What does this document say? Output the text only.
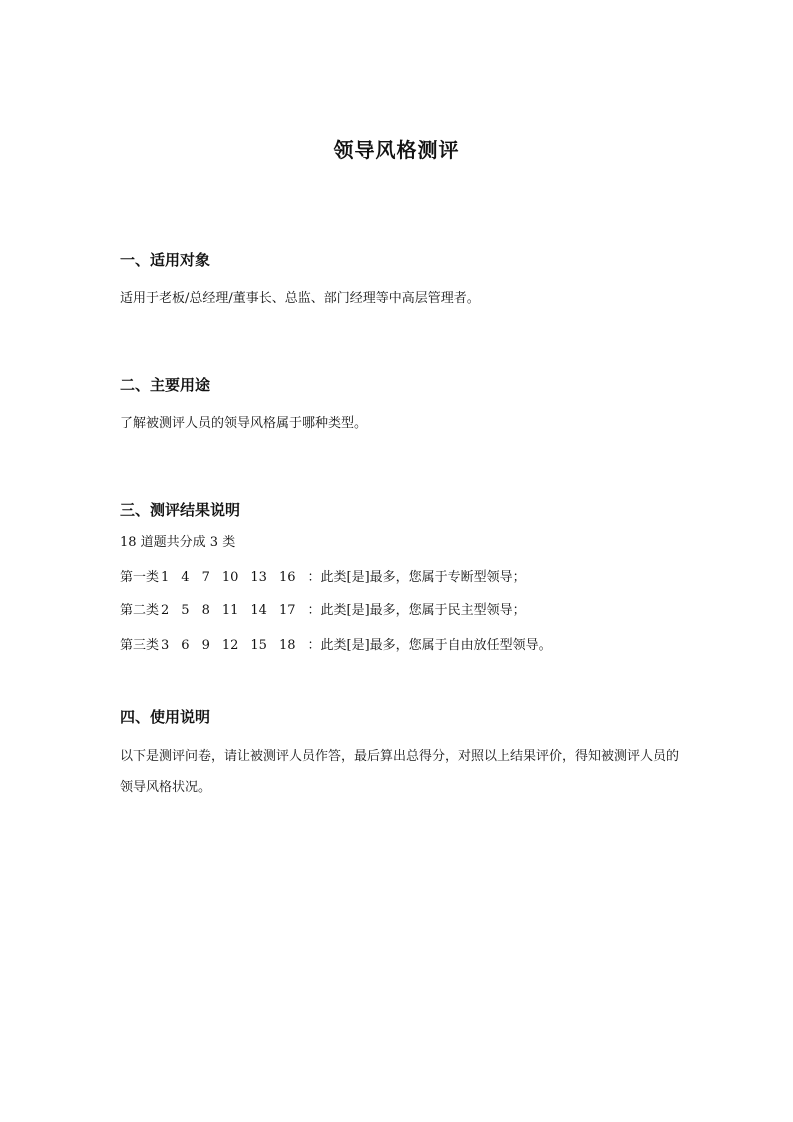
领导风格测评
一、适用对象
适用于老板/总经理/董事长、总监、部门经理等中高层管理者。
二、主要用途
了解被测评人员的领导风格属于哪种类型。
三、测评结果说明
18 道题共分成 3 类
第一类 1 4 7 10 13 16 ：此类[是]最多，您属于专断型领导；
第二类 2 5 8 11 14 17 ：此类[是]最多，您属于民主型领导；
第三类 3 6 9 12 15 18 ：此类[是]最多，您属于自由放任型领导。
四、使用说明
以下是测评问卷，请让被测评人员作答，最后算出总得分，对照以上结果评价，得知被测评人员的领导风格状况。
